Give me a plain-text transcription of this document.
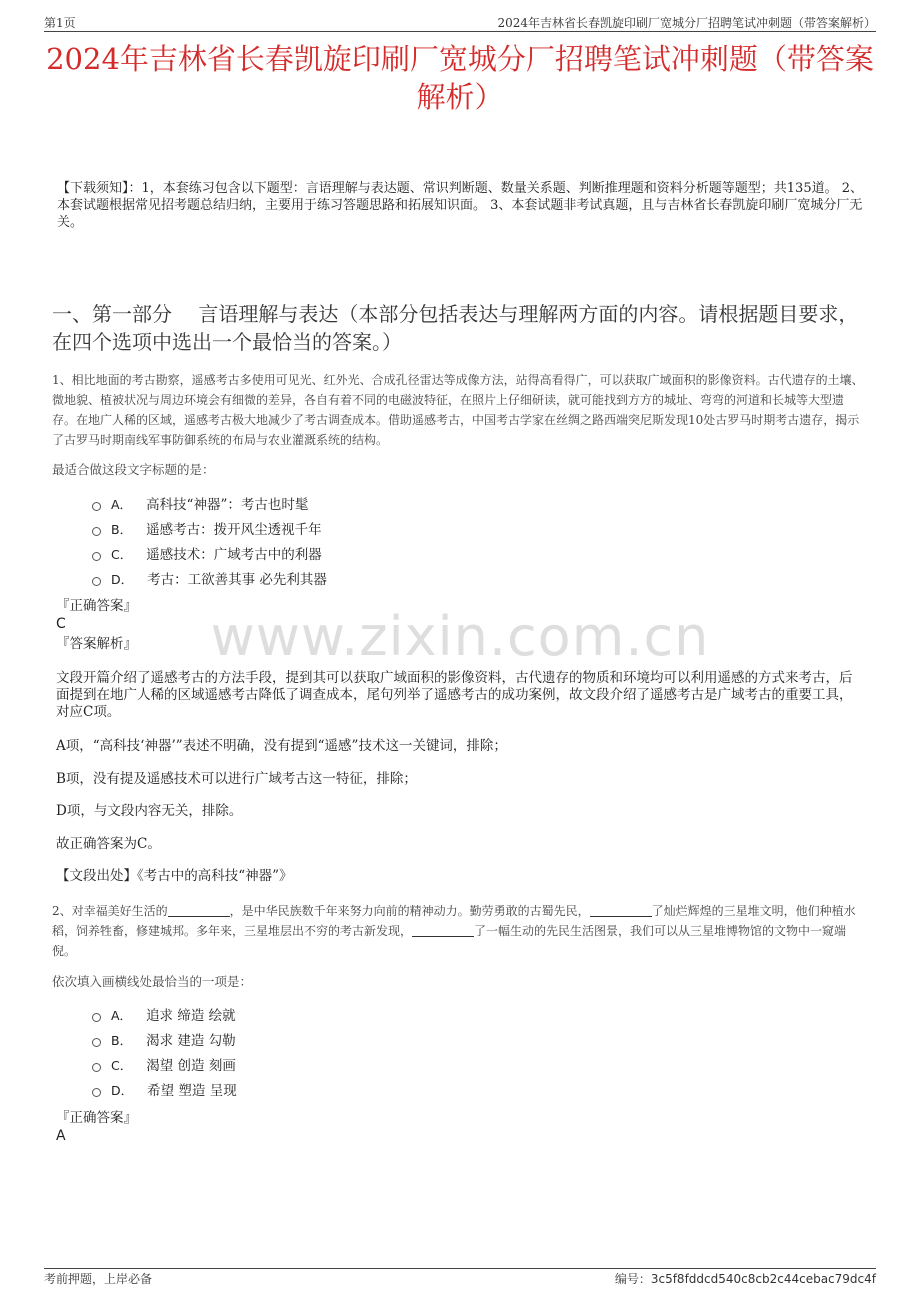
第1页	2024年吉林省长春凯旋印刷厂宽城分厂招聘笔试冲刺题（带答案解析）
2024年吉林省长春凯旋印刷厂宽城分厂招聘笔试冲刺题（带答案解析）
【下载须知】：1，本套练习包含以下题型：言语理解与表达题、常识判断题、数量关系题、判断推理题和资料分析题等题型；共135道。 2、本套试题根据常见招考题总结归纳，主要用于练习答题思路和拓展知识面。 3、本套试题非考试真题，且与吉林省长春凯旋印刷厂宽城分厂无关。
一、第一部分　 言语理解与表达（本部分包括表达与理解两方面的内容。请根据题目要求，在四个选项中选出一个最恰当的答案。）
1、相比地面的考古勘察，遥感考古多使用可见光、红外光、合成孔径雷达等成像方法，站得高看得广，可以获取广域面积的影像资料。古代遗存的土壤、微地貌、植被状况与周边环境会有细微的差异，各自有着不同的电磁波特征，在照片上仔细研读，就可能找到方方的城址、弯弯的河道和长城等大型遗存。在地广人稀的区域，遥感考古极大地减少了考古调查成本。借助遥感考古，中国考古学家在丝绸之路西端突尼斯发现10处古罗马时期考古遗存，揭示了古罗马时期南线军事防御系统的布局与农业灌溉系统的结构。
最适合做这段文字标题的是：
A． 高科技“神器”：考古也时髦
B． 遥感考古：拨开风尘透视千年
C． 遥感技术：广域考古中的利器
D． 考古：工欲善其事 必先利其器
『正确答案』
C
『答案解析』
文段开篇介绍了遥感考古的方法手段，提到其可以获取广域面积的影像资料，古代遗存的物质和环境均可以利用遥感的方式来考古，后面提到在地广人稀的区域遥感考古降低了调查成本，尾句列举了遥感考古的成功案例，故文段介绍了遥感考古是广域考古的重要工具，对应C项。
A项，“高科技‘神器’”表述不明确，没有提到“遥感”技术这一关键词，排除；
B项，没有提及遥感技术可以进行广域考古这一特征，排除；
D项，与文段内容无关，排除。
故正确答案为C。
【文段出处】《考古中的高科技“神器”》
2、对幸福美好生活的	，是中华民族数千年来努力向前的精神动力。勤劳勇敢的古蜀先民，	了灿烂辉煌的三星堆文明，他们种植水稻，饲养牲畜，修建城邦。多年来，三星堆层出不穷的考古新发现，	了一幅生动的先民生活图景，我们可以从三星堆博物馆的文物中一窥端倪。
依次填入画横线处最恰当的一项是：
A． 追求 缔造 绘就
B． 渴求 建造 勾勒
C． 渴望 创造 刻画
D． 希望 塑造 呈现
『正确答案』
A
www.zixin.com.cn
考前押题，上岸必备	编号：3c5f8fddcd540c8cb2c44cebac79dc4f
